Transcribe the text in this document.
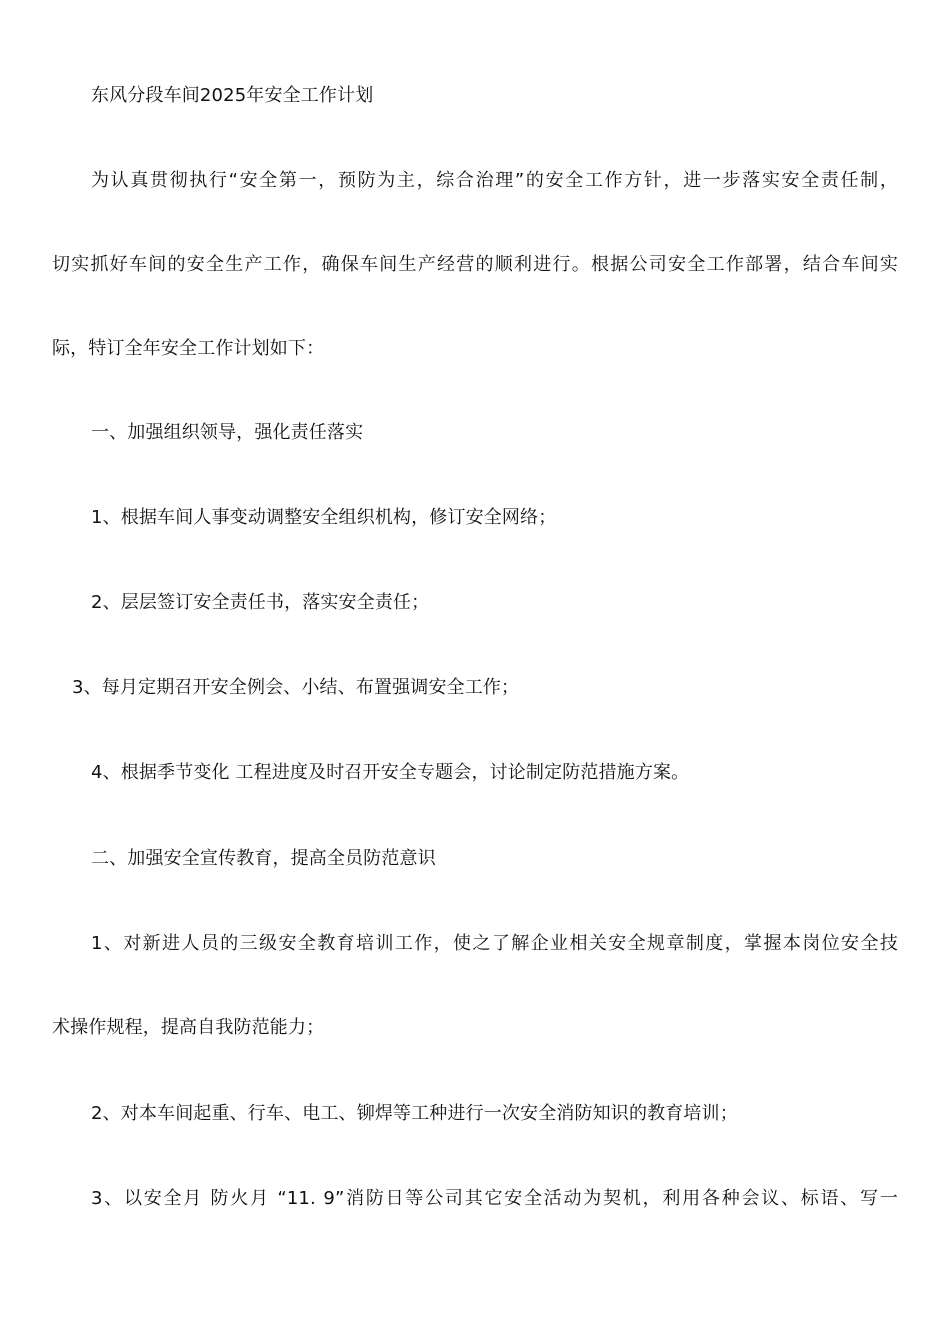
东风分段车间2025年安全工作计划
为认真贯彻执行“安全第一，预防为主，综合治理”的安全工作方针，进一步落实安全责任制，
切实抓好车间的安全生产工作，确保车间生产经营的顺利进行。根据公司安全工作部署，结合车间实
际，特订全年安全工作计划如下：
一、加强组织领导，强化责任落实
1、根据车间人事变动调整安全组织机构，修订安全网络；
2、层层签订安全责任书，落实安全责任；
3、每月定期召开安全例会、小结、布置强调安全工作；
4、根据季节变化 工程进度及时召开安全专题会，讨论制定防范措施方案。
二、加强安全宣传教育，提高全员防范意识
1、对新进人员的三级安全教育培训工作，使之了解企业相关安全规章制度，掌握本岗位安全技
术操作规程，提高自我防范能力；
2、对本车间起重、行车、电工、铆焊等工种进行一次安全消防知识的教育培训；
3、以安全月 防火月 “11. 9”消防日等公司其它安全活动为契机，利用各种会议、标语、写一
